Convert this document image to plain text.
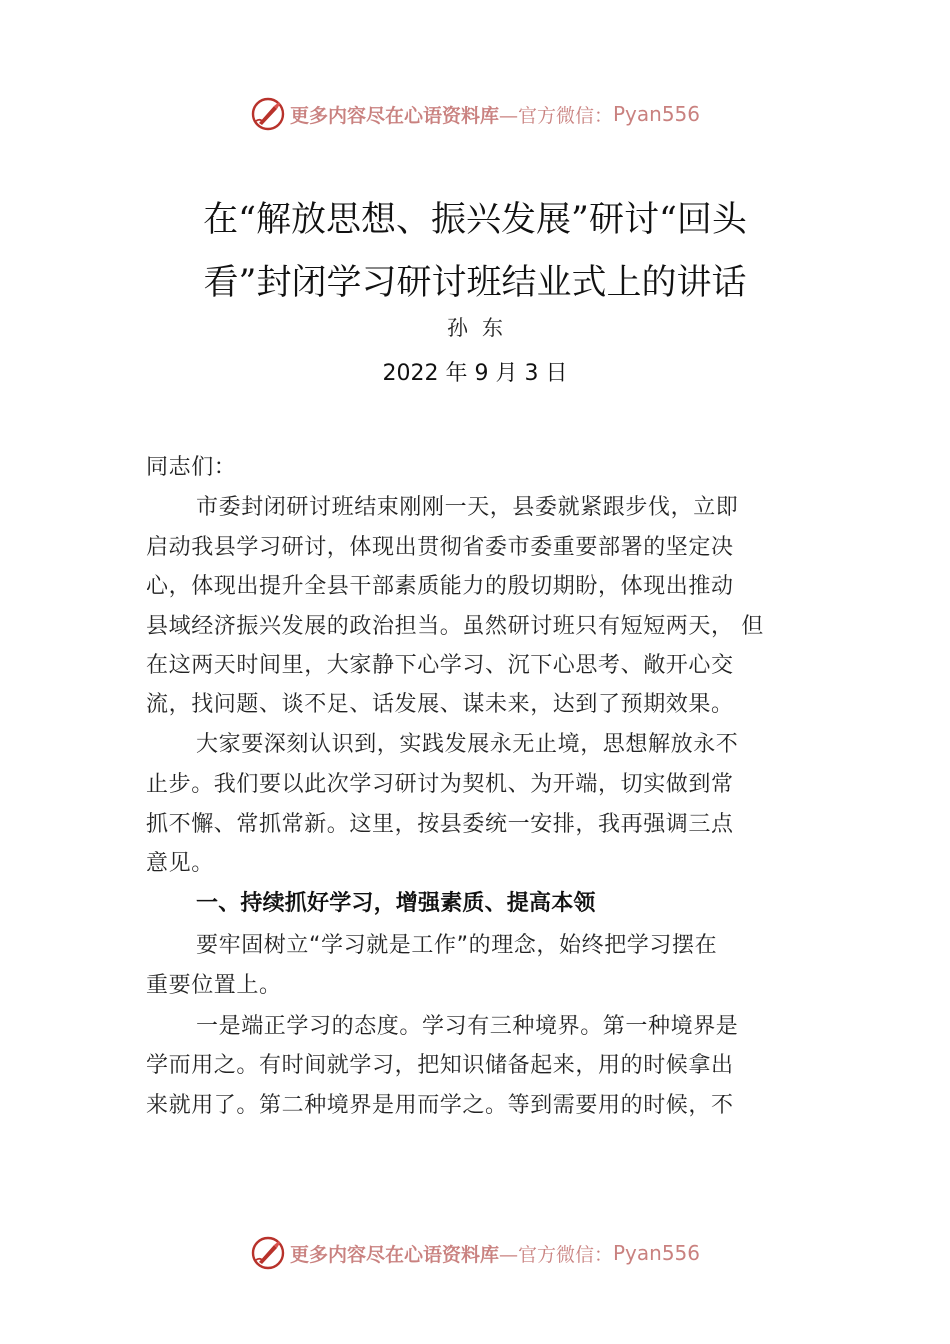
更多内容尽在心语资料库 —官方微信： Pyan556
在“解放思想、振兴发展”研讨“回头
看”封闭学习研讨班结业式上的讲话
孙东
2022 年 9 月 3 日
同志们：
市委封闭研讨班结束刚刚一天，县委就紧跟步伐，立即
启动我县学习研讨，体现出贯彻省委市委重要部署的坚定决
心，体现出提升全县干部素质能力的殷切期盼，体现出推动
县域经济振兴发展的政治担当。虽然研讨班只有短短两天， 但
在这两天时间里，大家静下心学习、沉下心思考、敞开心交
流，找问题、谈不足、话发展、谋未来，达到了预期效果。
大家要深刻认识到，实践发展永无止境，思想解放永不
止步。我们要以此次学习研讨为契机、为开端，切实做到常
抓不懈、常抓常新。这里，按县委统一安排，我再强调三点
意见。
一、持续抓好学习，增强素质、提高本领
要牢固树立“学习就是工作”的理念，始终把学习摆在
重要位置上。
一是端正学习的态度。学习有三种境界。第一种境界是
学而用之。有时间就学习，把知识储备起来，用的时候拿出
来就用了。第二种境界是用而学之。等到需要用的时候，不
更多内容尽在心语资料库 —官方微信： Pyan556
